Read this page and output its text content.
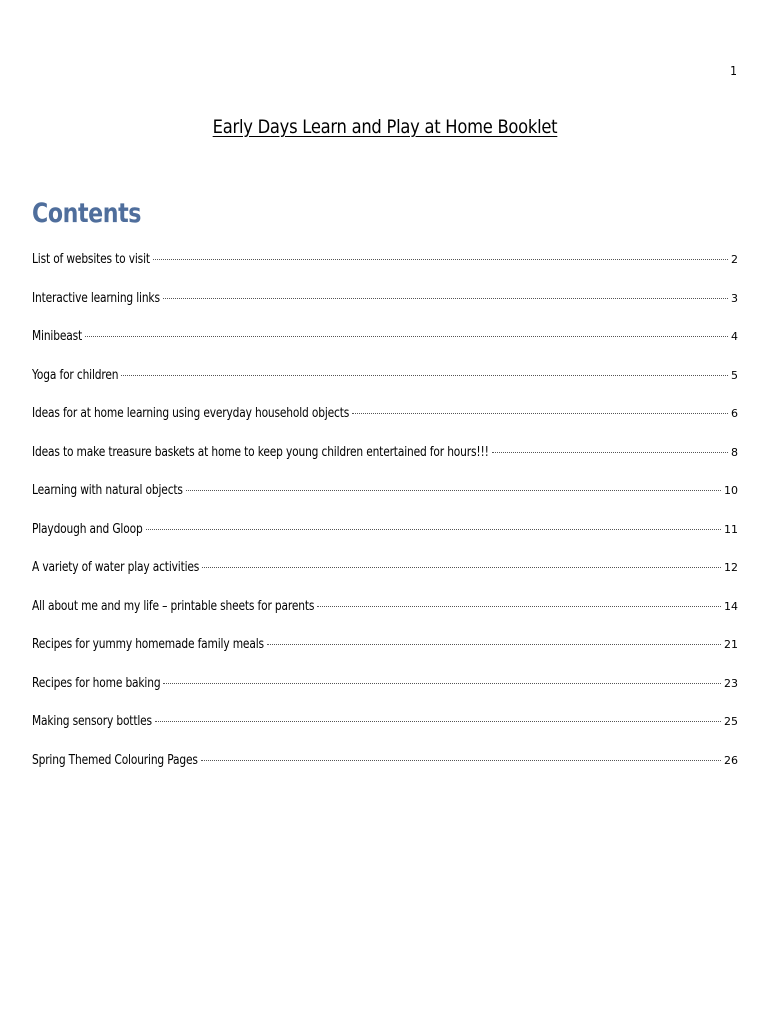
1
Early Days Learn and Play at Home Booklet
Contents
List of websites to visit	2
Interactive learning links	3
Minibeast	4
Yoga for children	5
Ideas for at home learning using everyday household objects	6
Ideas to make treasure baskets at home to keep young children entertained for hours!!!	8
Learning with natural objects	10
Playdough and Gloop	11
A variety of water play activities	12
All about me and my life – printable sheets for parents	14
Recipes for yummy homemade family meals	21
Recipes for home baking	23
Making sensory bottles	25
Spring Themed Colouring Pages	26
